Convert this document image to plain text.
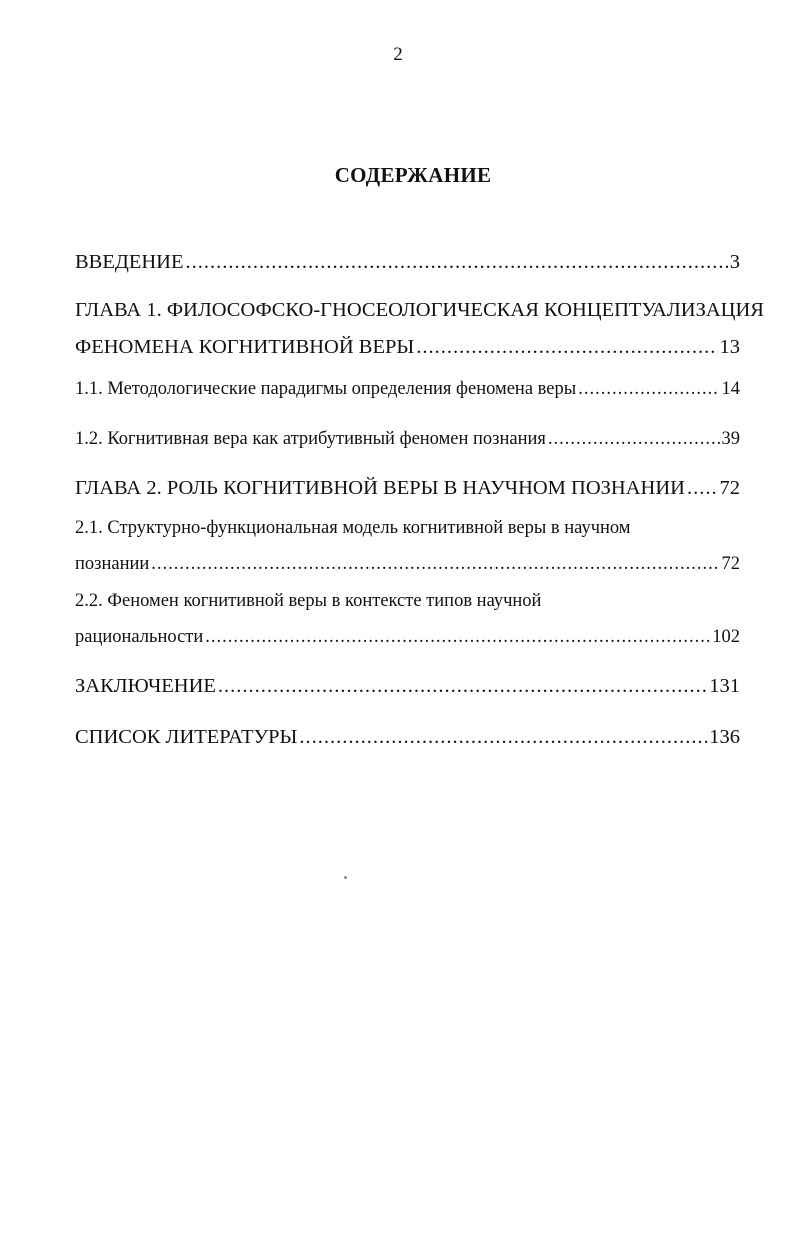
2
СОДЕРЖАНИЕ
ВВЕДЕНИЕ .....	3
ГЛАВА 1. ФИЛОСОФСКО-ГНОСЕОЛОГИЧЕСКАЯ КОНЦЕПТУАЛИЗАЦИЯ
ФЕНОМЕНА КОГНИТИВНОЙ ВЕРЫ .....	13
1.1. Методологические парадигмы определения феномена веры .....	14
1.2. Когнитивная вера как атрибутивный феномен познания .....	39
ГЛАВА 2. РОЛЬ КОГНИТИВНОЙ ВЕРЫ В НАУЧНОМ ПОЗНАНИИ ..... 72
2.1. Структурно-функциональная модель когнитивной веры в научном
познании .....	72
2.2. Феномен когнитивной веры в контексте типов научной
рациональности .....	102
ЗАКЛЮЧЕНИЕ .....	131
СПИСОК ЛИТЕРАТУРЫ .....	136
